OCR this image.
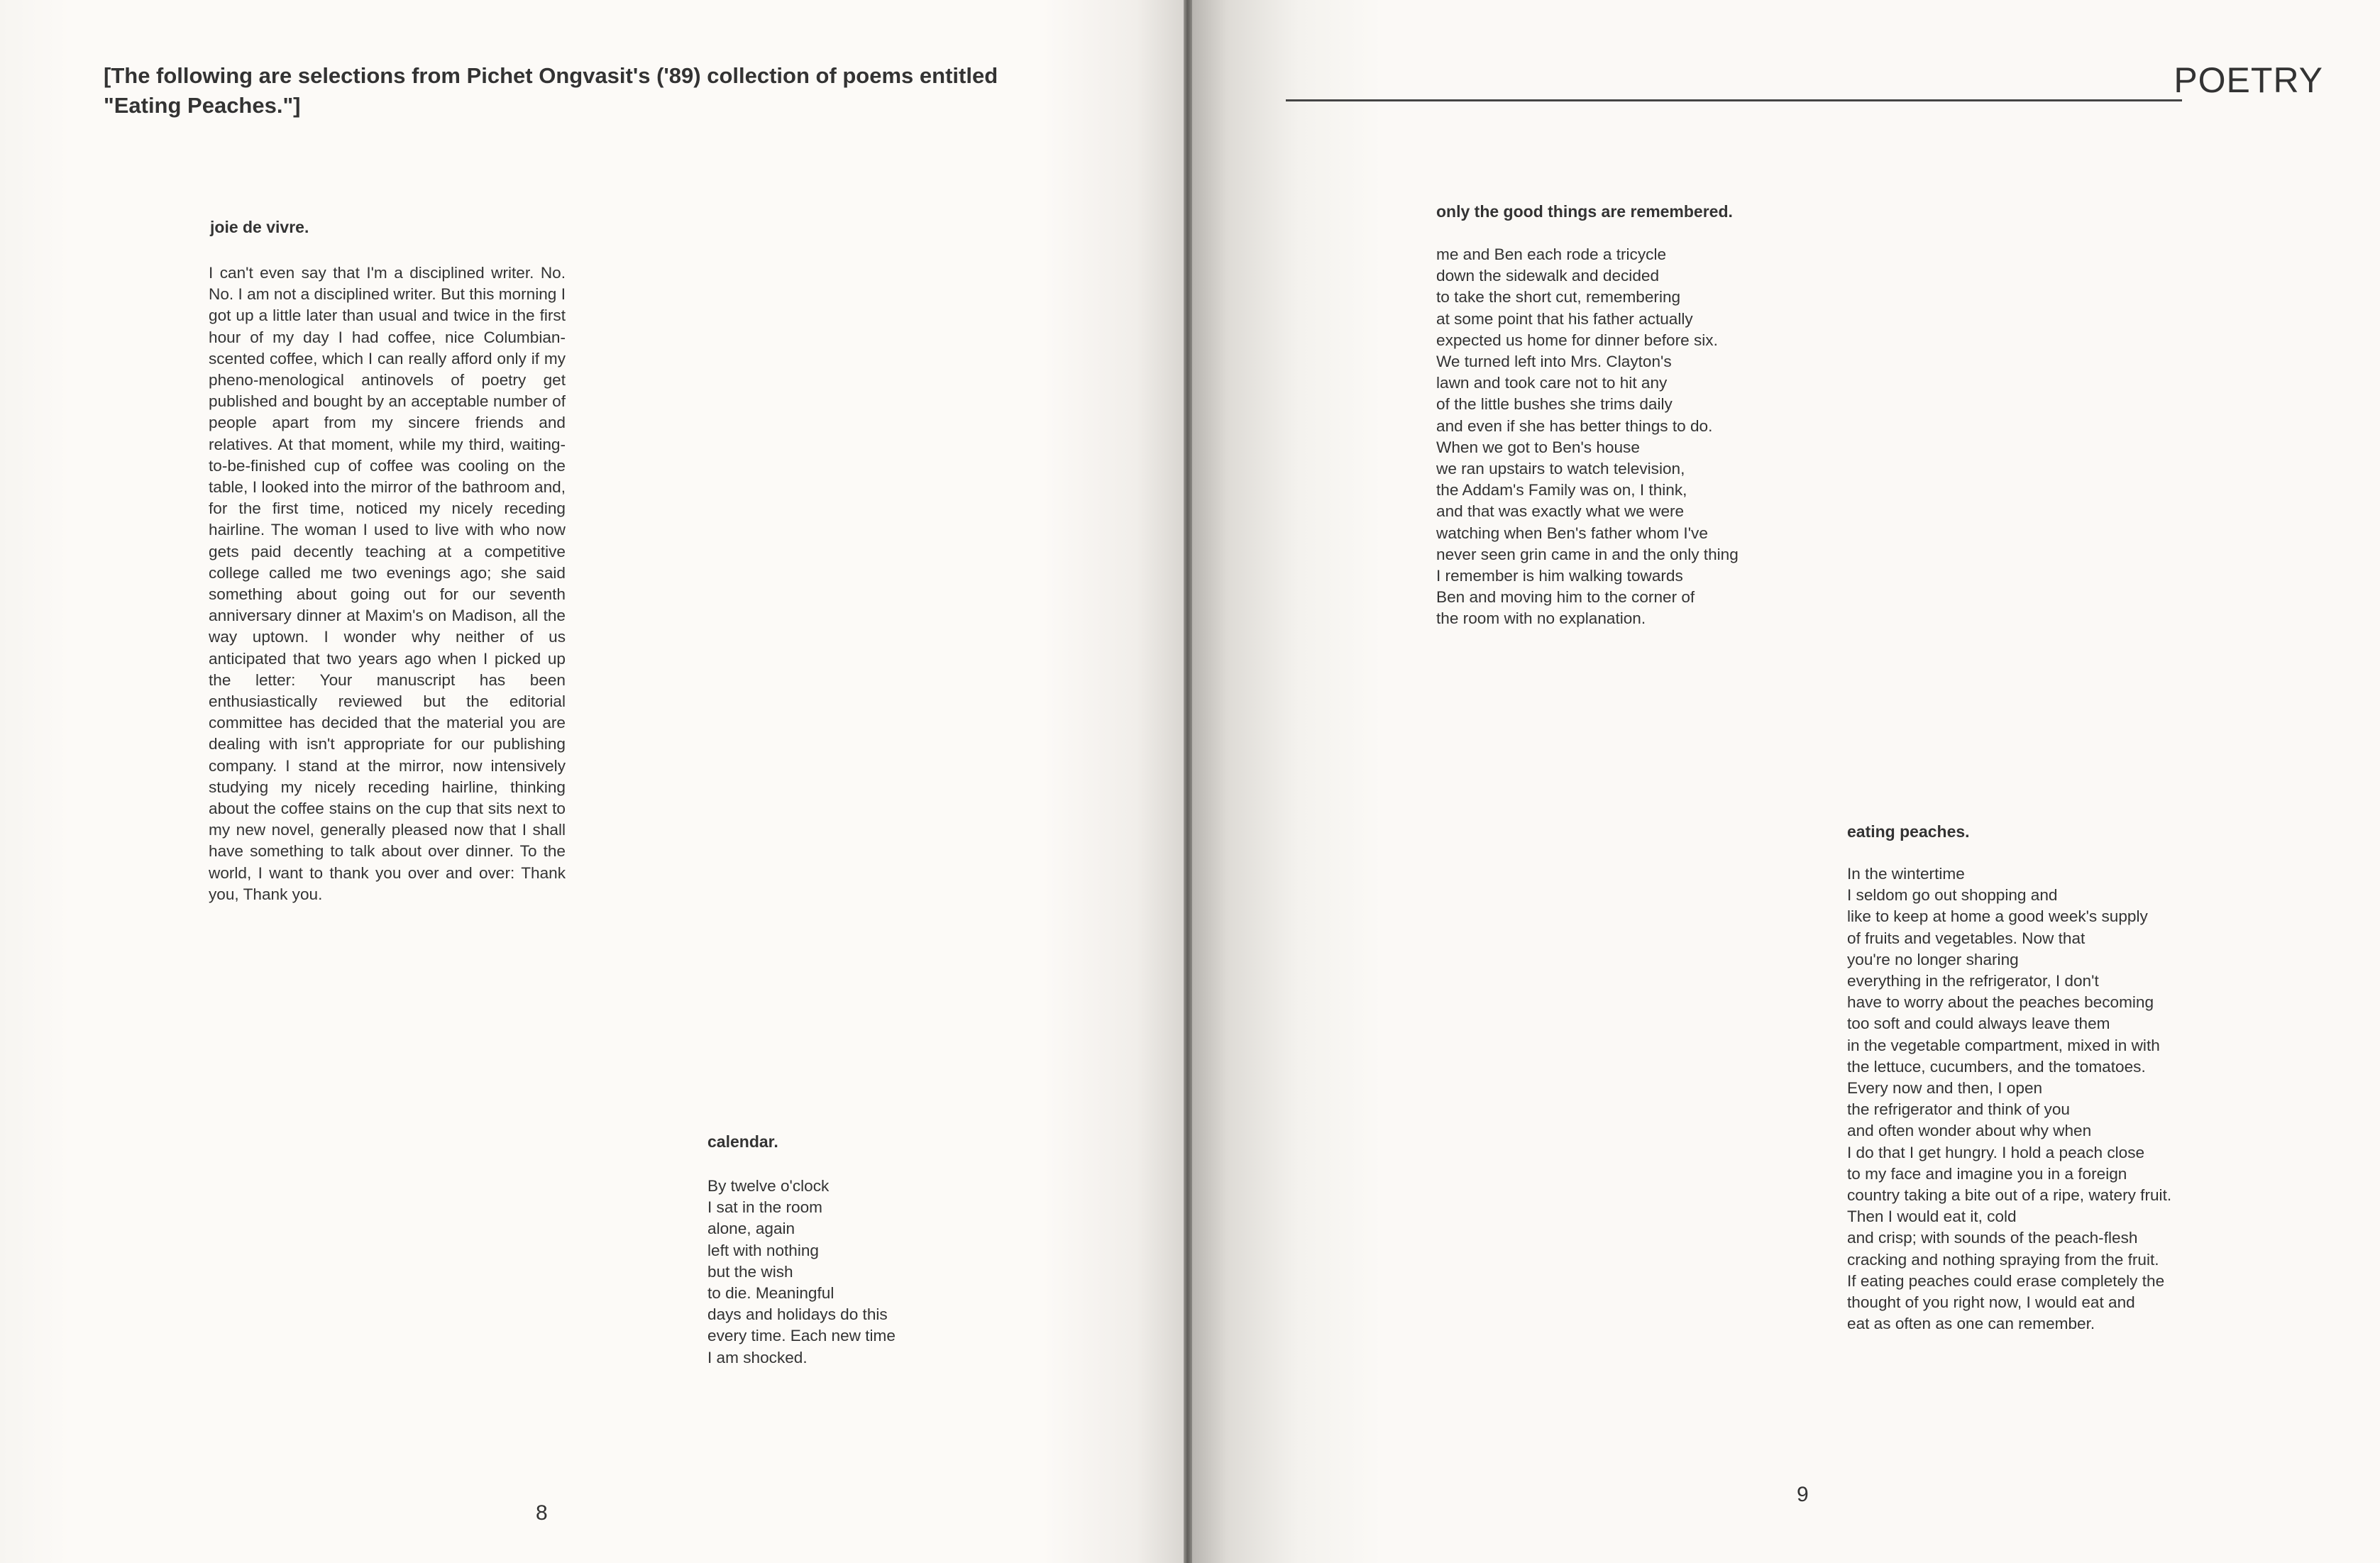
[The following are selections from Pichet Ongvasit's ('89) collection of poems entitled "Eating Peaches."]
joie de vivre.

I can't even say that I'm a disciplined writer. No. No. I am not a disciplined writer. But this morning I got up a little later than usual and twice in the first hour of my day I had coffee, nice Columbian-scented coffee, which I can really afford only if my pheno-menological antinovels of poetry get published and bought by an acceptable number of people apart from my sincere friends and relatives. At that moment, while my third, waiting-to-be-finished cup of coffee was cooling on the table, I looked into the mirror of the bathroom and, for the first time, noticed my nicely receding hairline. The woman I used to live with who now gets paid decently teaching at a competitive college called me two evenings ago; she said something about going out for our seventh anniversary dinner at Maxim's on Madison, all the way uptown. I wonder why neither of us anticipated that two years ago when I picked up the letter: Your manuscript has been enthusiastically reviewed but the editorial committee has decided that the material you are dealing with isn't appropriate for our publishing company. I stand at the mirror, now intensively studying my nicely receding hairline, thinking about the coffee stains on the cup that sits next to my new novel, generally pleased now that I shall have something to talk about over dinner. To the world, I want to thank you over and over: Thank you, Thank you.

calendar.
By twelve o'clock
I sat in the room
alone, again
left with nothing
but the wish
to die. Meaningful
days and holidays do this
every time. Each new time
I am shocked.
8
POETRY
only the good things are remembered.
me and Ben each rode a tricycle
down the sidewalk and decided
to take the short cut, remembering
at some point that his father actually
expected us home for dinner before six.
We turned left into Mrs. Clayton's
lawn and took care not to hit any
of the little bushes she trims daily
and even if she has better things to do.
When we got to Ben's house
we ran upstairs to watch television,
the Addam's Family was on, I think,
and that was exactly what we were
watching when Ben's father whom I've
never seen grin came in and the only thing
I remember is him walking towards
Ben and moving him to the corner of
the room with no explanation.
eating peaches.
In the wintertime
I seldom go out shopping and
like to keep at home a good week's supply
of fruits and vegetables. Now that
you're no longer sharing
everything in the refrigerator, I don't
have to worry about the peaches becoming
too soft and could always leave them
in the vegetable compartment, mixed in with
the lettuce, cucumbers, and the tomatoes.
Every now and then, I open
the refrigerator and think of you
and often wonder about why when
I do that I get hungry. I hold a peach close
to my face and imagine you in a foreign
country taking a bite out of a ripe, watery fruit.
Then I would eat it, cold
and crisp; with sounds of the peach-flesh
cracking and nothing spraying from the fruit.
If eating peaches could erase completely the
thought of you right now, I would eat and
eat as often as one can remember.
9
